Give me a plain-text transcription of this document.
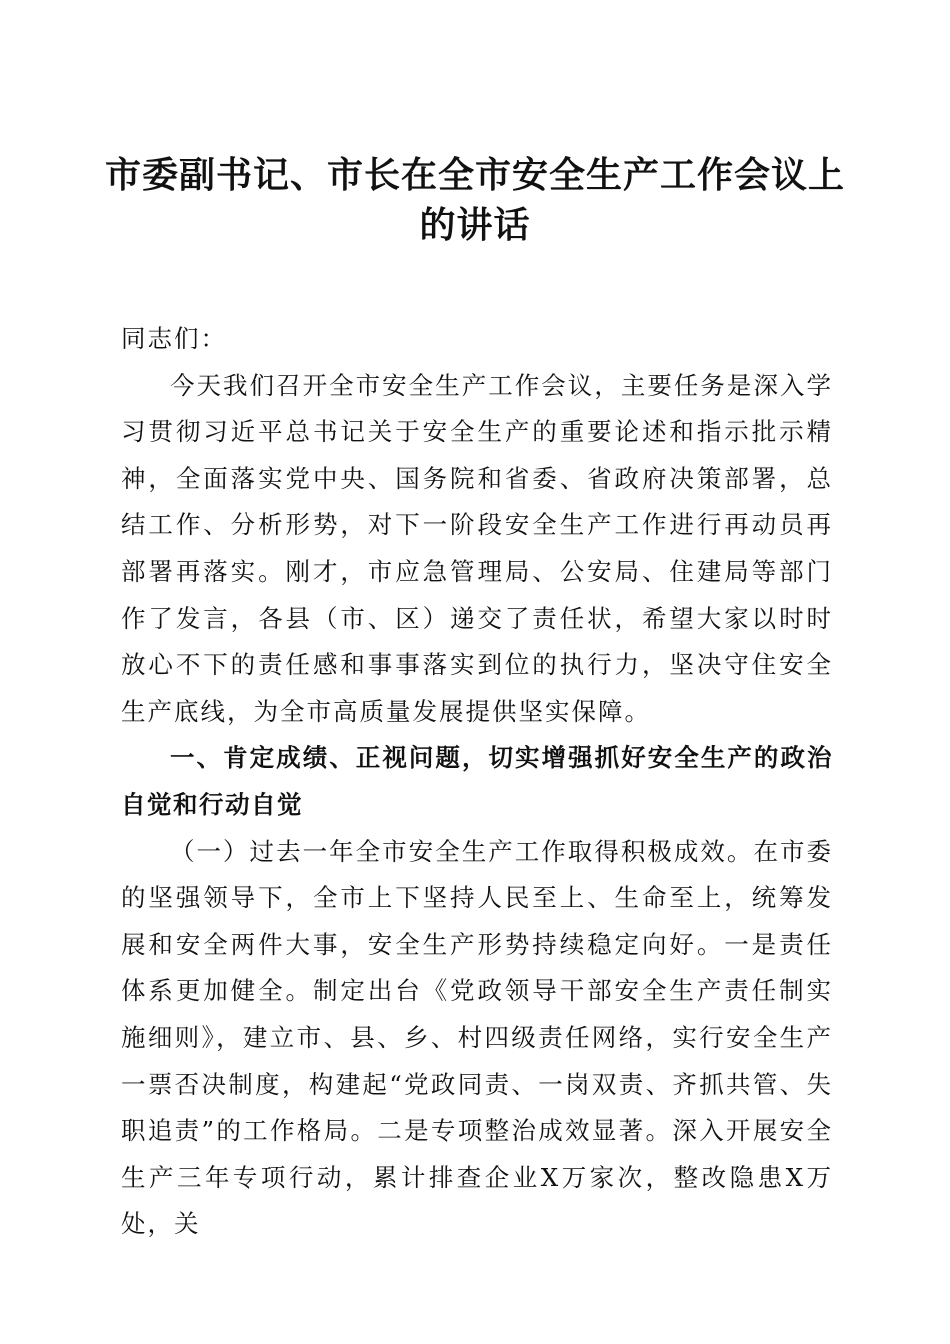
市委副书记、市长在全市安全生产工作会议上的讲话

同志们：

今天我们召开全市安全生产工作会议，主要任务是深入学习贯彻习近平总书记关于安全生产的重要论述和指示批示精神，全面落实党中央、国务院和省委、省政府决策部署，总结工作、分析形势，对下一阶段安全生产工作进行再动员再部署再落实。刚才，市应急管理局、公安局、住建局等部门作了发言，各县（市、区）递交了责任状，希望大家以时时放心不下的责任感和事事落实到位的执行力，坚决守住安全生产底线，为全市高质量发展提供坚实保障。

一、肯定成绩、正视问题，切实增强抓好安全生产的政治自觉和行动自觉

（一）过去一年全市安全生产工作取得积极成效。在市委的坚强领导下，全市上下坚持人民至上、生命至上，统筹发展和安全两件大事，安全生产形势持续稳定向好。一是责任体系更加健全。制定出台《党政领导干部安全生产责任制实施细则》，建立市、县、乡、村四级责任网络，实行安全生产一票否决制度，构建起“党政同责、一岗双责、齐抓共管、失职追责”的工作格局。二是专项整治成效显著。深入开展安全生产三年专项行动，累计排查企业X万家次，整改隐患X万处，关
